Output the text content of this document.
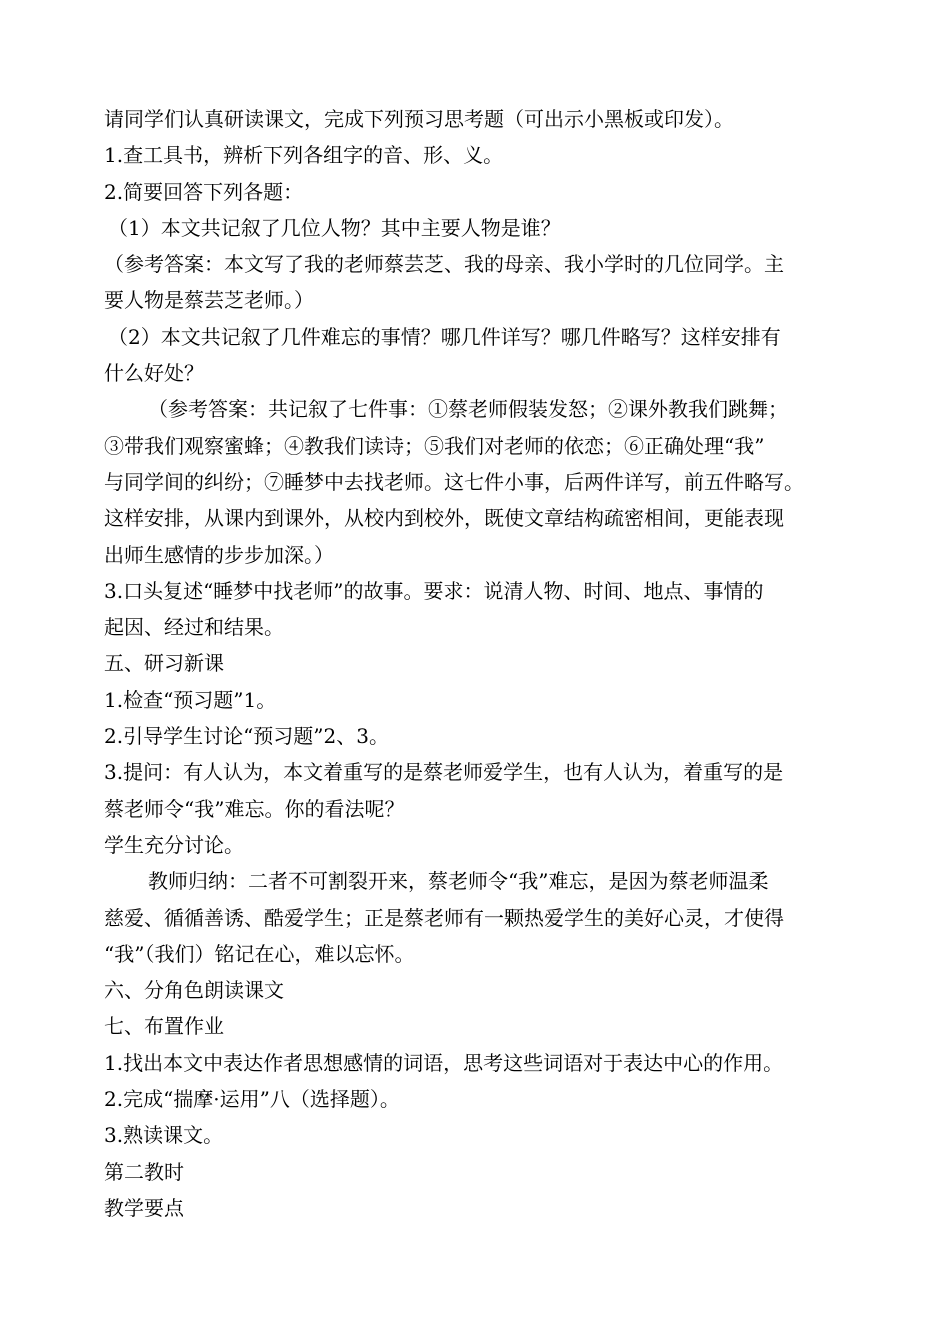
请同学们认真研读课文，完成下列预习思考题（可出示小黑板或印发）。

1.查工具书，辨析下列各组字的音、形、义。

2.简要回答下列各题：

（1）本文共记叙了几位人物？其中主要人物是谁？

（参考答案：本文写了我的老师蔡芸芝、我的母亲、我小学时的几位同学。主

要人物是蔡芸芝老师。）

（2）本文共记叙了几件难忘的事情？哪几件详写？哪几件略写？这样安排有

什么好处？

（参考答案：共记叙了七件事：①蔡老师假装发怒；②课外教我们跳舞；

③带我们观察蜜蜂；④教我们读诗；⑤我们对老师的依恋；⑥正确处理“我”

与同学间的纠纷；⑦睡梦中去找老师。这七件小事，后两件详写，前五件略写。

这样安排，从课内到课外，从校内到校外，既使文章结构疏密相间，更能表现

出师生感情的步步加深。）

3.口头复述“睡梦中找老师”的故事。要求：说清人物、时间、地点、事情的

起因、经过和结果。

五、研习新课

1.检查“预习题”1。

2.引导学生讨论“预习题”2、3。

3.提问：有人认为，本文着重写的是蔡老师爱学生，也有人认为，着重写的是

蔡老师令“我”难忘。你的看法呢？

学生充分讨论。

教师归纳：二者不可割裂开来，蔡老师令“我”难忘，是因为蔡老师温柔

慈爱、循循善诱、酷爱学生；正是蔡老师有一颗热爱学生的美好心灵，才使得

“我”（我们）铭记在心，难以忘怀。

六、分角色朗读课文

七、布置作业

1.找出本文中表达作者思想感情的词语，思考这些词语对于表达中心的作用。

2.完成“揣摩·运用”八（选择题）。

3.熟读课文。

第二教时

教学要点
